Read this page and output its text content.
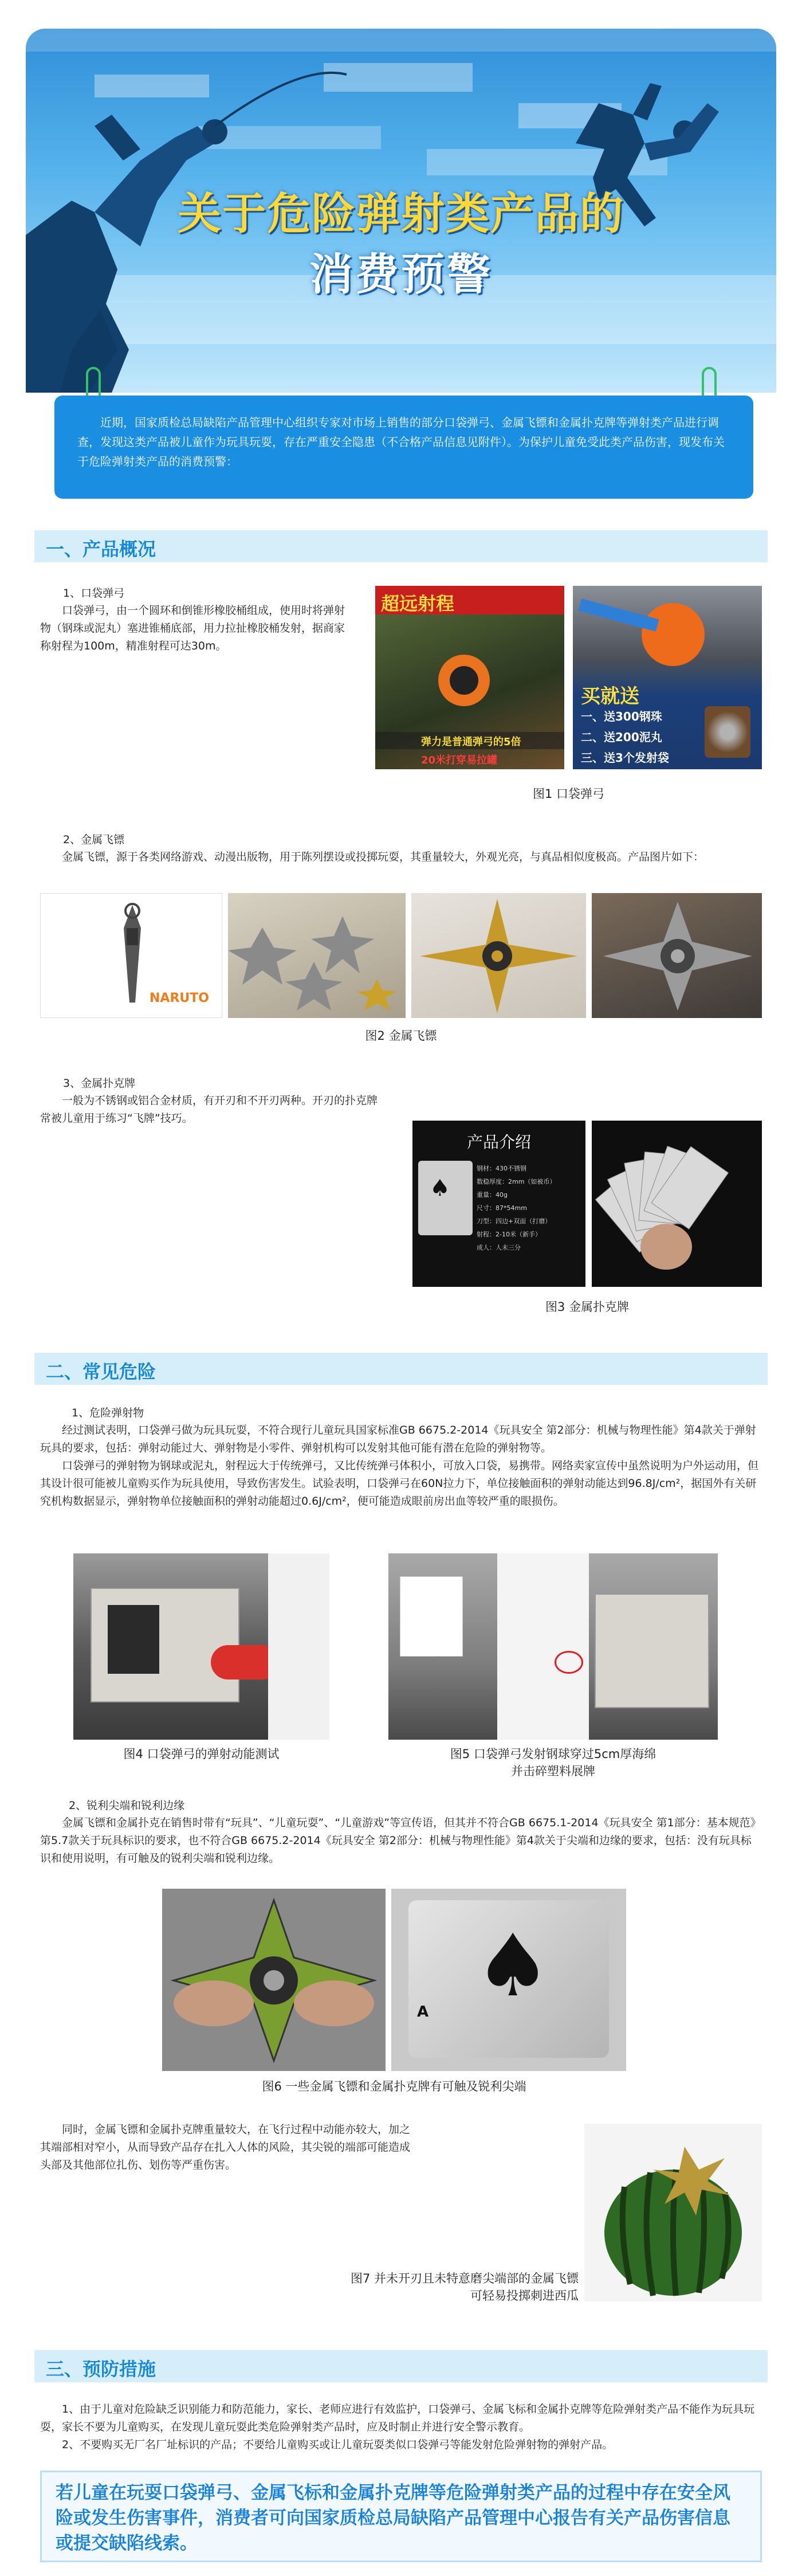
关于危险弹射类产品的
消费预警
近期，国家质检总局缺陷产品管理中心组织专家对市场上销售的部分口袋弹弓、金属飞镖和金属扑克牌等弹射类产品进行调查，发现这类产品被儿童作为玩具玩耍，存在严重安全隐患（不合格产品信息见附件）。为保护儿童免受此类产品伤害，现发布关于危险弹射类产品的消费预警：
一、产品概况
1、口袋弹弓
口袋弹弓，由一个圆环和倒锥形橡胶桶组成，使用时将弹射物（钢珠或泥丸）塞进锥桶底部，用力拉扯橡胶桶发射，据商家称射程为100m，精准射程可达30m。
超远射程
弹力是普通弹弓的5倍
20米打穿易拉罐
买就送
一、送300钢珠
二、送200泥丸
三、送3个发射袋
图1 口袋弹弓
2、金属飞镖
金属飞镖，源于各类网络游戏、动漫出版物，用于陈列摆设或投掷玩耍，其重量较大，外观光亮，与真品相似度极高。产品图片如下：
NARUTO
图2 金属飞镖
3、金属扑克牌
一般为不锈钢或铝合金材质，有开刃和不开刃两种。开刃的扑克牌常被儿童用于练习“飞牌”技巧。
产品介绍
♠
钢材：430不锈钢
数稳厚度：2mm（如被币）
重量：40g
尺寸：87*54mm
刀型：四边+双面（打磨）
射程：2-10米（新手）
成人：人未三分
图3 金属扑克牌
二、常见危险
1、危险弹射物
经过测试表明，口袋弹弓做为玩具玩耍，不符合现行儿童玩具国家标准GB 6675.2-2014《玩具安全 第2部分：机械与物理性能》第4款关于弹射玩具的要求，包括：弹射动能过大、弹射物是小零件、弹射机构可以发射其他可能有潜在危险的弹射物等。
口袋弹弓的弹射物为钢球或泥丸，射程远大于传统弹弓，又比传统弹弓体积小，可放入口袋，易携带。网络卖家宣传中虽然说明为户外运动用，但其设计很可能被儿童购买作为玩具使用，导致伤害发生。试验表明，口袋弹弓在60N拉力下，单位接触面积的弹射动能达到96.8J/cm²，据国外有关研究机构数据显示，弹射物单位接触面积的弹射动能超过0.6J/cm²，便可能造成眼前房出血等较严重的眼损伤。
图4 口袋弹弓的弹射动能测试	图5 口袋弹弓发射钢球穿过5cm厚海绵
并击碎塑料展牌
2、锐利尖端和锐利边缘
金属飞镖和金属扑克在销售时带有“玩具”、“儿童玩耍”、“儿童游戏”等宣传语，但其并不符合GB 6675.1-2014《玩具安全 第1部分：基本规范》第5.7款关于玩具标识的要求，也不符合GB 6675.2-2014《玩具安全 第2部分：机械与物理性能》第4款关于尖端和边缘的要求，包括：没有玩具标识和使用说明，有可触及的锐利尖端和锐利边缘。
♠
A
图6 一些金属飞镖和金属扑克牌有可触及锐利尖端
同时，金属飞镖和金属扑克牌重量较大，在飞行过程中动能亦较大，加之其端部相对窄小，从而导致产品存在扎入人体的风险，其尖锐的端部可能造成头部及其他部位扎伤、划伤等严重伤害。
图7 并未开刃且未特意磨尖端部的金属飞镖
可轻易投掷刺进西瓜
三、预防措施
1、由于儿童对危险缺乏识别能力和防范能力，家长、老师应进行有效监护，口袋弹弓、金属飞标和金属扑克牌等危险弹射类产品不能作为玩具玩耍，家长不要为儿童购买，在发现儿童玩耍此类危险弹射类产品时，应及时制止并进行安全警示教育。
2、不要购买无厂名厂址标识的产品；不要给儿童购买或让儿童玩耍类似口袋弹弓等能发射危险弹射物的弹射产品。

若儿童在玩耍口袋弹弓、金属飞标和金属扑克牌等危险弹射类产品的过程中存在安全风险或发生伤害事件，消费者可向国家质检总局缺陷产品管理中心报告有关产品伤害信息或提交缺陷线索。
